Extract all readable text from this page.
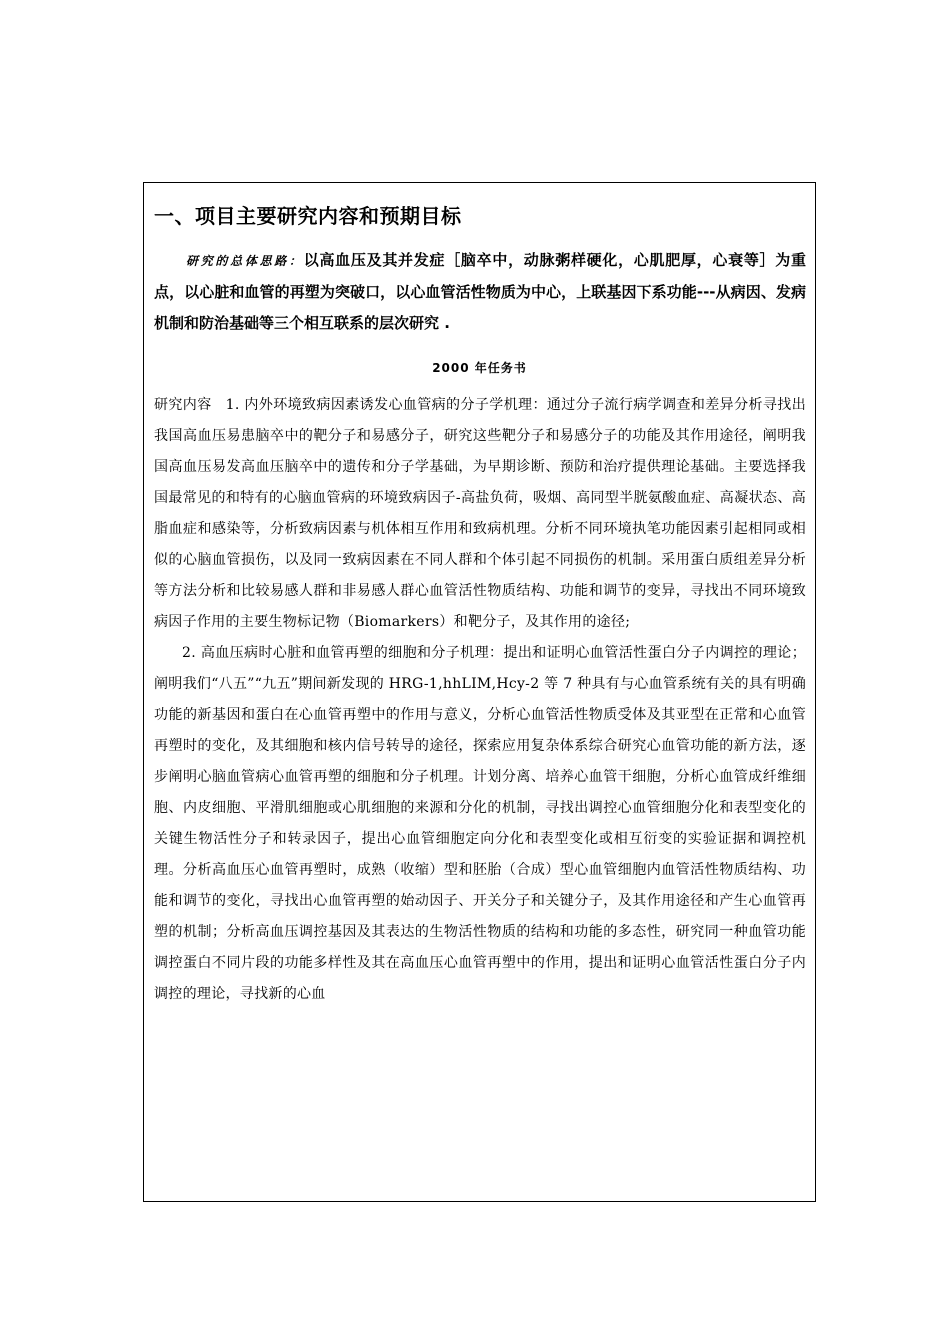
一、项目主要研究内容和预期目标

研究的总体思路：以高血压及其并发症［脑卒中，动脉粥样硬化，心肌肥厚，心衰等］为重点，以心脏和血管的再塑为突破口，以心血管活性物质为中心，上联基因下系功能---从病因、发病机制和防治基础等三个相互联系的层次研究 .

2000 年任务书

研究内容 1. 内外环境致病因素诱发心血管病的分子学机理：通过分子流行病学调查和差异分析寻找出我国高血压易患脑卒中的靶分子和易感分子，研究这些靶分子和易感分子的功能及其作用途径，阐明我国高血压易发高血压脑卒中的遗传和分子学基础，为早期诊断、预防和治疗提供理论基础。主要选择我国最常见的和特有的心脑血管病的环境致病因子-高盐负荷，吸烟、高同型半胱氨酸血症、高凝状态、高脂血症和感染等，分析致病因素与机体相互作用和致病机理。分析不同环境执笔功能因素引起相同或相似的心脑血管损伤，以及同一致病因素在不同人群和个体引起不同损伤的机制。采用蛋白质组差异分析等方法分析和比较易感人群和非易感人群心血管活性物质结构、功能和调节的变异，寻找出不同环境致病因子作用的主要生物标记物（Biomarkers）和靶分子，及其作用的途径;

2. 高血压病时心脏和血管再塑的细胞和分子机理：提出和证明心血管活性蛋白分子内调控的理论；阐明我们“八五”“九五”期间新发现的 HRG-1,hhLIM,Hcy-2 等 7 种具有与心血管系统有关的具有明确功能的新基因和蛋白在心血管再塑中的作用与意义，分析心血管活性物质受体及其亚型在正常和心血管再塑时的变化，及其细胞和核内信号转导的途径，探索应用复杂体系综合研究心血管功能的新方法，逐步阐明心脑血管病心血管再塑的细胞和分子机理。计划分离、培养心血管干细胞，分析心血管成纤维细胞、内皮细胞、平滑肌细胞或心肌细胞的来源和分化的机制，寻找出调控心血管细胞分化和表型变化的关键生物活性分子和转录因子，提出心血管细胞定向分化和表型变化或相互衍变的实验证据和调控机理。分析高血压心血管再塑时，成熟（收缩）型和胚胎（合成）型心血管细胞内血管活性物质结构、功能和调节的变化，寻找出心血管再塑的始动因子、开关分子和关键分子，及其作用途径和产生心血管再塑的机制；分析高血压调控基因及其表达的生物活性物质的结构和功能的多态性，研究同一种血管功能调控蛋白不同片段的功能多样性及其在高血压心血管再塑中的作用，提出和证明心血管活性蛋白分子内调控的理论，寻找新的心血
